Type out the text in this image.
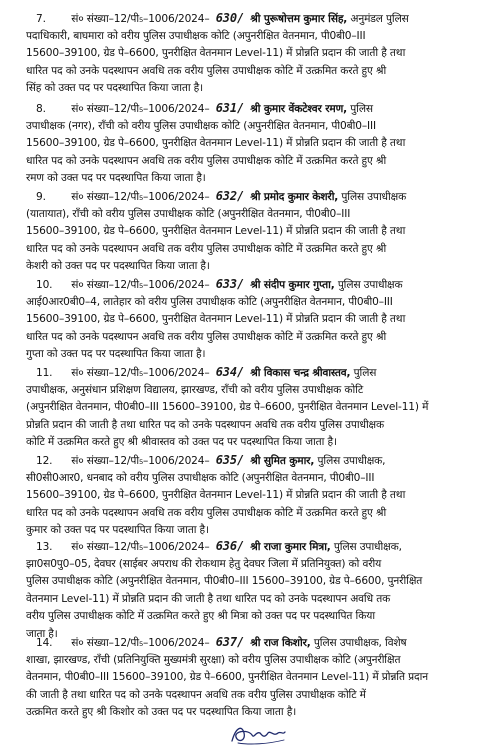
7. सं० संख्या–12/पी₅–1006/2024– 630/ श्री पुरूषोत्तम कुमार सिंह, अनुमंडल पुलिस
पदाधिकारी, बाघमारा को वरीय पुलिस उपाधीक्षक कोटि (अपुनरीक्षित वेतनमान, पी0बी0–III
15600–39100, ग्रेड पे–6600, पुनरीक्षित वेतनमान Level-11) में प्रोन्नति प्रदान की जाती है तथा
धारित पद को उनके पदस्थापन अवधि तक वरीय पुलिस उपाधीक्षक कोटि में उत्क्रमित करते हुए श्री
सिंह को उक्त पद पर पदस्थापित किया जाता है।
8. सं० संख्या–12/पी₅–1006/2024– 631/ श्री कुमार वेंकटेश्वर रमण, पुलिस
उपाधीक्षक (नगर), राँची को वरीय पुलिस उपाधीक्षक कोटि (अपुनरीक्षित वेतनमान, पी0बी0–III
15600–39100, ग्रेड पे–6600, पुनरीक्षित वेतनमान Level-11) में प्रोन्नति प्रदान की जाती है तथा
धारित पद को उनके पदस्थापन अवधि तक वरीय पुलिस उपाधीक्षक कोटि में उत्क्रमित करते हुए श्री
रमण को उक्त पद पर पदस्थापित किया जाता है।
9. सं० संख्या–12/पी₅–1006/2024– 632/ श्री प्रमोद कुमार केशरी, पुलिस उपाधीक्षक
(यातायात), राँची को वरीय पुलिस उपाधीक्षक कोटि (अपुनरीक्षित वेतनमान, पी0बी0–III
15600–39100, ग्रेड पे–6600, पुनरीक्षित वेतनमान Level-11) में प्रोन्नति प्रदान की जाती है तथा
धारित पद को उनके पदस्थापन अवधि तक वरीय पुलिस उपाधीक्षक कोटि में उत्क्रमित करते हुए श्री
केशरी को उक्त पद पर पदस्थापित किया जाता है।
10. सं० संख्या–12/पी₅–1006/2024– 633/ श्री संदीप कुमार गुप्ता, पुलिस उपाधीक्षक
आई0आर0बी0–4, लातेहार को वरीय पुलिस उपाधीक्षक कोटि (अपुनरीक्षित वेतनमान, पी0बी0–III
15600–39100, ग्रेड पे–6600, पुनरीक्षित वेतनमान Level-11) में प्रोन्नति प्रदान की जाती है तथा
धारित पद को उनके पदस्थापन अवधि तक वरीय पुलिस उपाधीक्षक कोटि में उत्क्रमित करते हुए श्री
गुप्ता को उक्त पद पर पदस्थापित किया जाता है।
11. सं० संख्या–12/पी₅–1006/2024– 634/ श्री विकास चन्द्र श्रीवास्तव, पुलिस
उपाधीक्षक, अनुसंधान प्रशिक्षण विद्यालय, झारखण्ड, राँची को वरीय पुलिस उपाधीक्षक कोटि
(अपुनरीक्षित वेतनमान, पी0बी0–III 15600–39100, ग्रेड पे–6600, पुनरीक्षित वेतनमान Level-11) में
प्रोन्नति प्रदान की जाती है तथा धारित पद को उनके पदस्थापन अवधि तक वरीय पुलिस उपाधीक्षक
कोटि में उत्क्रमित करते हुए श्री श्रीवास्तव को उक्त पद पर पदस्थापित किया जाता है।
12. सं० संख्या–12/पी₅–1006/2024– 635/ श्री सुमित कुमार, पुलिस उपाधीक्षक,
सी0सी0आर0, धनबाद को वरीय पुलिस उपाधीक्षक कोटि (अपुनरीक्षित वेतनमान, पी0बी0–III
15600–39100, ग्रेड पे–6600, पुनरीक्षित वेतनमान Level-11) में प्रोन्नति प्रदान की जाती है तथा
धारित पद को उनके पदस्थापन अवधि तक वरीय पुलिस उपाधीक्षक कोटि में उत्क्रमित करते हुए श्री
कुमार को उक्त पद पर पदस्थापित किया जाता है।
13. सं० संख्या–12/पी₅–1006/2024– 636/ श्री राजा कुमार मित्रा, पुलिस उपाधीक्षक,
झा0स0पु0–05, देवघर (साईबर अपराध की रोकथाम हेतु देवघर जिला में प्रतिनियुक्त) को वरीय
पुलिस उपाधीक्षक कोटि (अपुनरीक्षित वेतनमान, पी0बी0–III 15600–39100, ग्रेड पे–6600, पुनरीक्षित
वेतनमान Level-11) में प्रोन्नति प्रदान की जाती है तथा धारित पद को उनके पदस्थापन अवधि तक
वरीय पुलिस उपाधीक्षक कोटि में उत्क्रमित करते हुए श्री मित्रा को उक्त पद पर पदस्थापित किया
जाता है।
14. सं० संख्या–12/पी₅–1006/2024– 637/ श्री राज किशोर, पुलिस उपाधीक्षक, विशेष
शाखा, झारखण्ड, राँची (प्रतिनियुक्ति मुख्यमंत्री सुरक्षा) को वरीय पुलिस उपाधीक्षक कोटि (अपुनरीक्षित
वेतनमान, पी0बी0–III 15600–39100, ग्रेड पे–6600, पुनरीक्षित वेतनमान Level-11) में प्रोन्नति प्रदान
की जाती है तथा धारित पद को उनके पदस्थापन अवधि तक वरीय पुलिस उपाधीक्षक कोटि में
उत्क्रमित करते हुए श्री किशोर को उक्त पद पर पदस्थापित किया जाता है।
